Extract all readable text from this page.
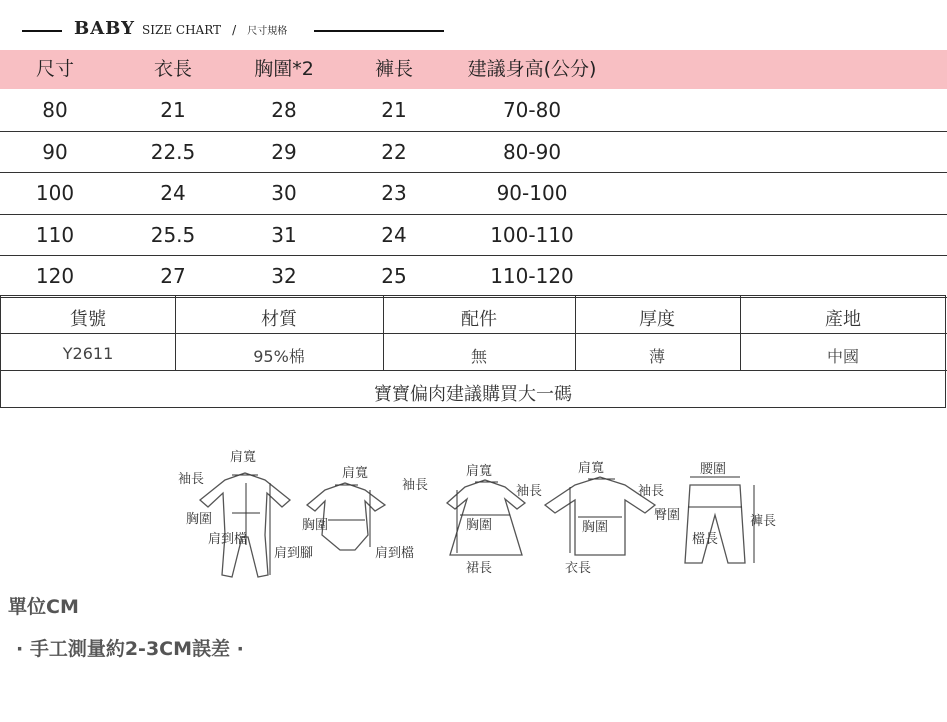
BABY SIZE CHART / 尺寸規格
尺寸	衣長	胸圍*2	褲長	建議身高(公分)
80	21	28	21	70-80
90	22.5	29	22	80-90
100	24	30	23	90-100
110	25.5	31	24	100-110
120	27	32	25	110-120
貨號	材質	配件	厚度	產地
Y2611	95%棉	無	薄	中國
寶寶偏肉建議購買大一碼
肩寬
袖長
胸圍
肩到檔
肩到腳
肩寬
袖長
胸圍
肩到檔
肩寬
袖長
胸圍
裙長
肩寬
袖長
胸圍
衣長
腰圍
臀圍
檔長
褲長
單位CM
· 手工測量約2-3CM誤差 ·
